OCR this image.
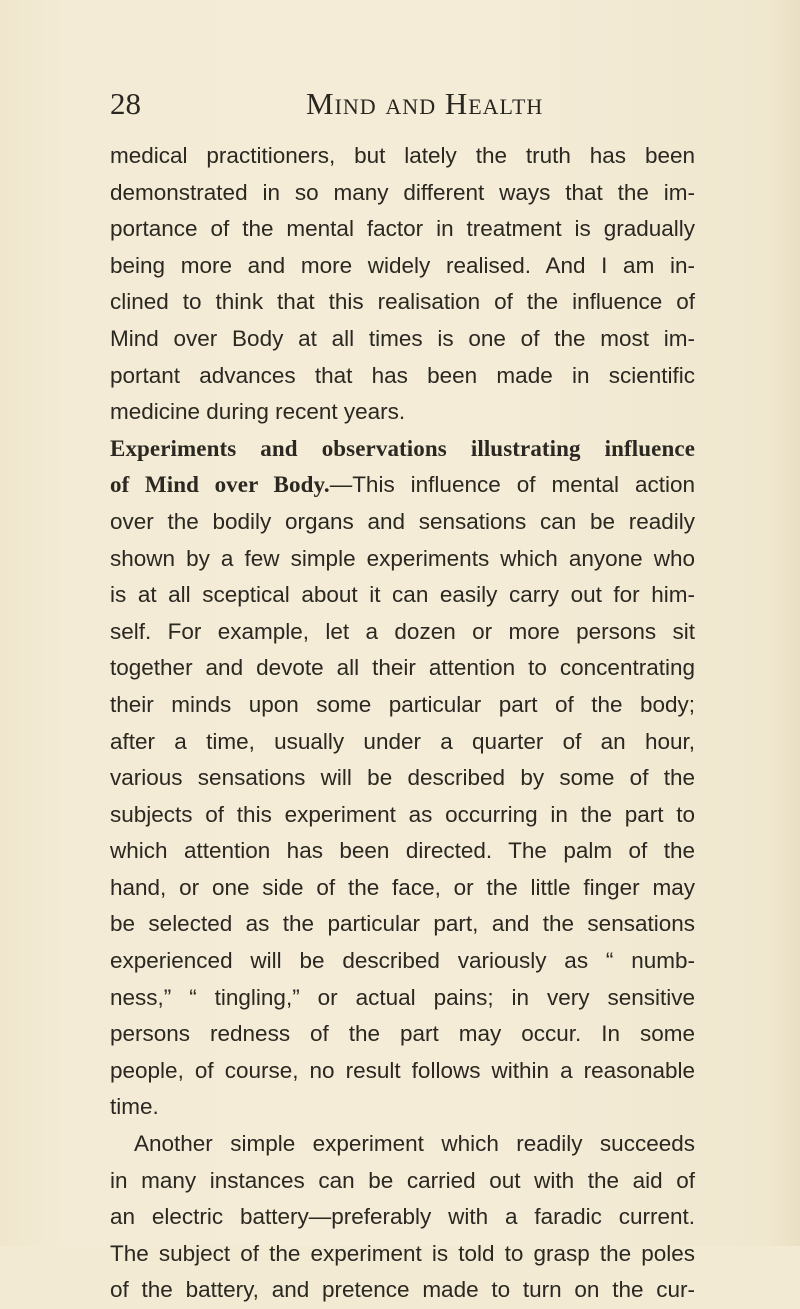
28	Mind and Health
medical practitioners, but lately the truth has been
demonstrated in so many different ways that the im-
portance of the mental factor in treatment is gradually
being more and more widely realised. And I am in-
clined to think that this realisation of the influence of
Mind over Body at all times is one of the most im-
portant advances that has been made in scientific
medicine during recent years.
Experiments and observations illustrating influence
of Mind over Body.—This influence of mental action
over the bodily organs and sensations can be readily
shown by a few simple experiments which anyone who
is at all sceptical about it can easily carry out for him-
self. For example, let a dozen or more persons sit
together and devote all their attention to concentrating
their minds upon some particular part of the body;
after a time, usually under a quarter of an hour,
various sensations will be described by some of the
subjects of this experiment as occurring in the part to
which attention has been directed. The palm of the
hand, or one side of the face, or the little finger may
be selected as the particular part, and the sensations
experienced will be described variously as “ numb-
ness,” “ tingling,” or actual pains; in very sensitive
persons redness of the part may occur. In some
people, of course, no result follows within a reasonable
time.
Another simple experiment which readily succeeds
in many instances can be carried out with the aid of
an electric battery—preferably with a faradic current.
The subject of the experiment is told to grasp the poles
of the battery, and pretence made to turn on the cur-
